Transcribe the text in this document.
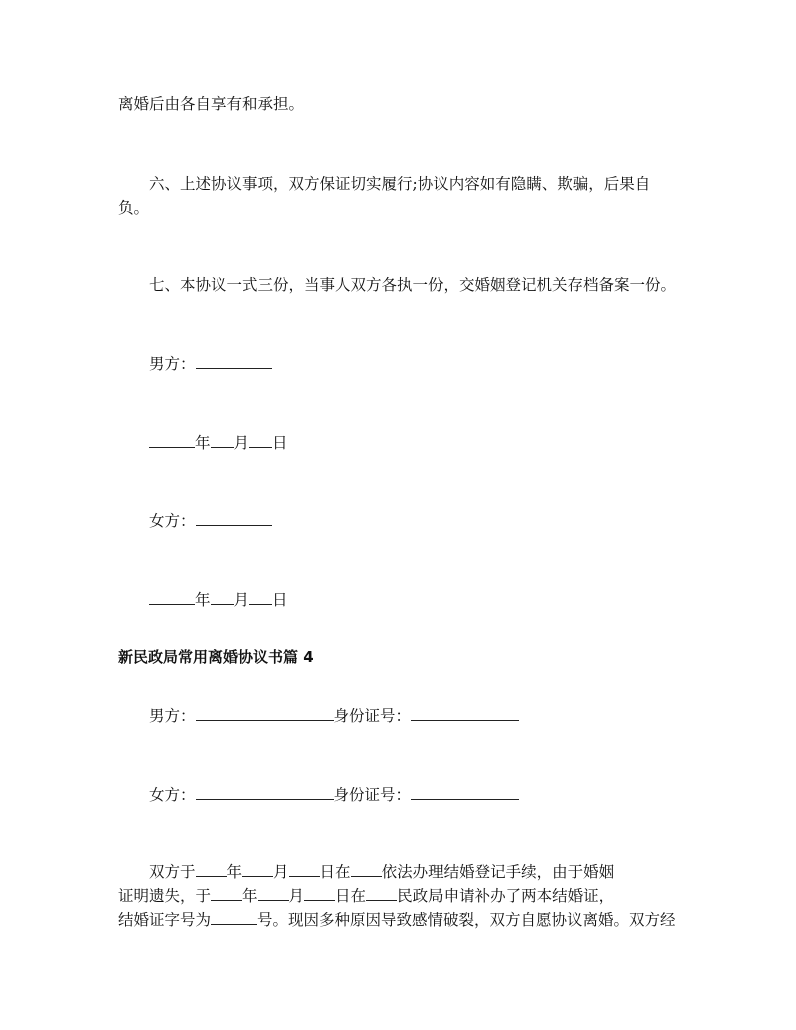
离婚后由各自享有和承担。
六、上述协议事项，双方保证切实履行;协议内容如有隐瞒、欺骗，后果自
负。
七、本协议一式三份，当事人双方各执一份，交婚姻登记机关存档备案一份。
男方：
年 月 日
女方：
年 月 日
新民政局常用离婚协议书篇 4
男方：	身份证号：
女方：	身份证号：
双方于 年 月 日在 依法办理结婚登记手续，由于婚姻
证明遗失，于 年 月 日在 民政局申请补办了两本结婚证，
结婚证字号为	号。现因多种原因导致感情破裂，双方自愿协议离婚。双方经
